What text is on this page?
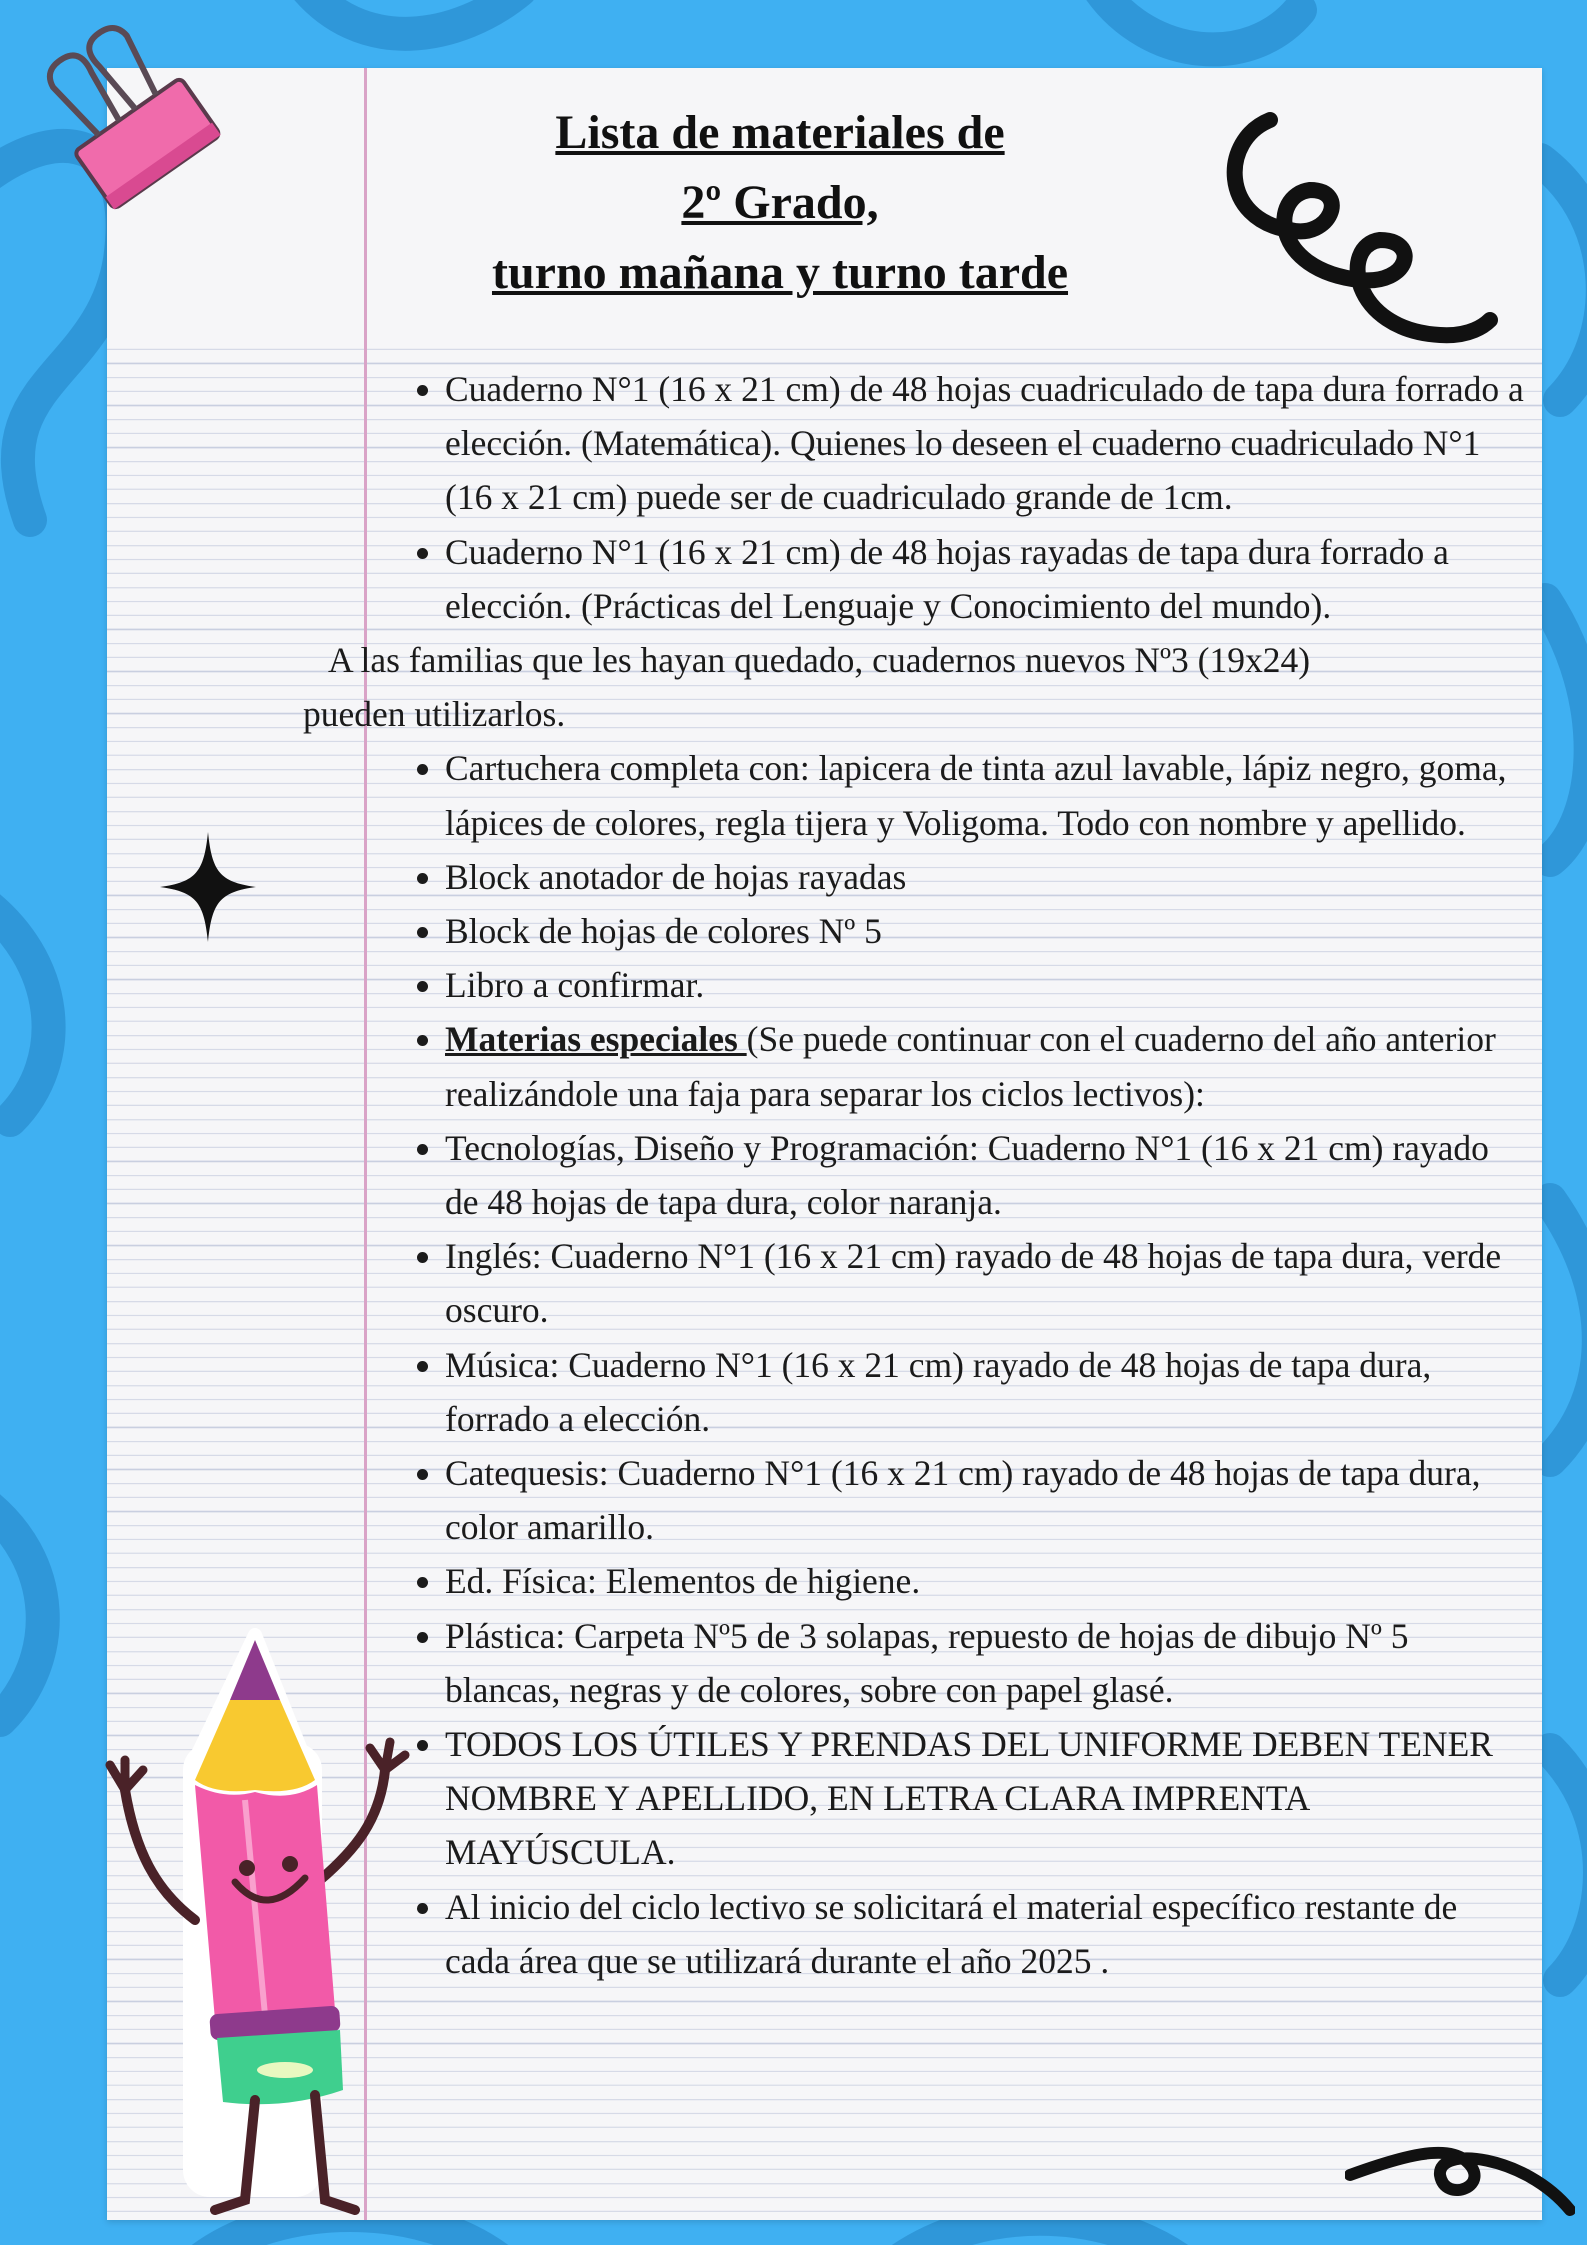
Lista de materiales de
2º Grado,
turno mañana y turno tarde
• Cuaderno N°1 (16 x 21 cm) de 48 hojas cuadriculado de tapa dura forrado a elección. (Matemática). Quienes lo deseen el cuaderno cuadriculado N°1 (16 x 21 cm) puede ser de cuadriculado grande de 1cm.
• Cuaderno N°1 (16 x 21 cm) de 48 hojas rayadas de tapa dura forrado a elección. (Prácticas del Lenguaje y Conocimiento del mundo).

A las familias que les hayan quedado, cuadernos nuevos Nº3 (19x24) pueden utilizarlos.

• Cartuchera completa con: lapicera de tinta azul lavable, lápiz negro, goma, lápices de colores, regla tijera y Voligoma. Todo con nombre y apellido.
• Block anotador de hojas rayadas
• Block de hojas de colores Nº 5
• Libro a confirmar.
• Materias especiales (Se puede continuar con el cuaderno del año anterior realizándole una faja para separar los ciclos lectivos):
• Tecnologías, Diseño y Programación: Cuaderno N°1 (16 x 21 cm) rayado de 48 hojas de tapa dura, color naranja.
• Inglés: Cuaderno N°1 (16 x 21 cm) rayado de 48 hojas de tapa dura, verde oscuro.
• Música: Cuaderno N°1 (16 x 21 cm) rayado de 48 hojas de tapa dura, forrado a elección.
• Catequesis: Cuaderno N°1 (16 x 21 cm) rayado de 48 hojas de tapa dura, color amarillo.
• Ed. Física: Elementos de higiene.
• Plástica: Carpeta Nº5 de 3 solapas, repuesto de hojas de dibujo Nº 5 blancas, negras y de colores, sobre con papel glasé.
• TODOS LOS ÚTILES Y PRENDAS DEL UNIFORME DEBEN TENER NOMBRE Y APELLIDO, EN LETRA CLARA IMPRENTA MAYÚSCULA.
• Al inicio del ciclo lectivo se solicitará el material específico restante de cada área que se utilizará durante el año 2025 .
